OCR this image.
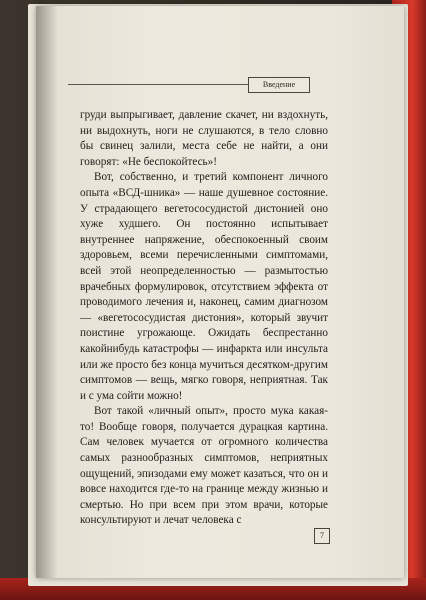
Введение

груди выпрыгивает, давление скачет, ни вздохнуть, ни выдохнуть, ноги не слушаются, в тело словно бы свинец залили, места себе не найти, а они говорят: «Не беспокойтесь»!

Вот, собственно, и третий компонент личного опыта «ВСД-шника» — наше душевное состояние. У страдающего вегетососудистой дистонией оно хуже худшего. Он постоянно испытывает внутреннее напряжение, обеспокоенный своим здоровьем, всеми перечисленными симптомами, всей этой неопределенностью — размытостью врачебных формулировок, отсутствием эффекта от проводимого лечения и, наконец, самим диагнозом — «вегетососудистая дистония», который звучит поистине угрожающе. Ожидать беспрестанно какойнибудь катастрофы — инфаркта или инсульта или же просто без конца мучиться десятком-другим симптомов — вещь, мягко говоря, неприятная. Так и с ума сойти можно!

Вот такой «личный опыт», просто мука какая-то! Вообще говоря, получается дурацкая картина. Сам человек мучается от огромного количества самых разнообразных симптомов, неприятных ощущений, эпизодами ему может казаться, что он и вовсе находится где-то на границе между жизнью и смертью. Но при всем при этом врачи, которые консультируют и лечат человека с

7
